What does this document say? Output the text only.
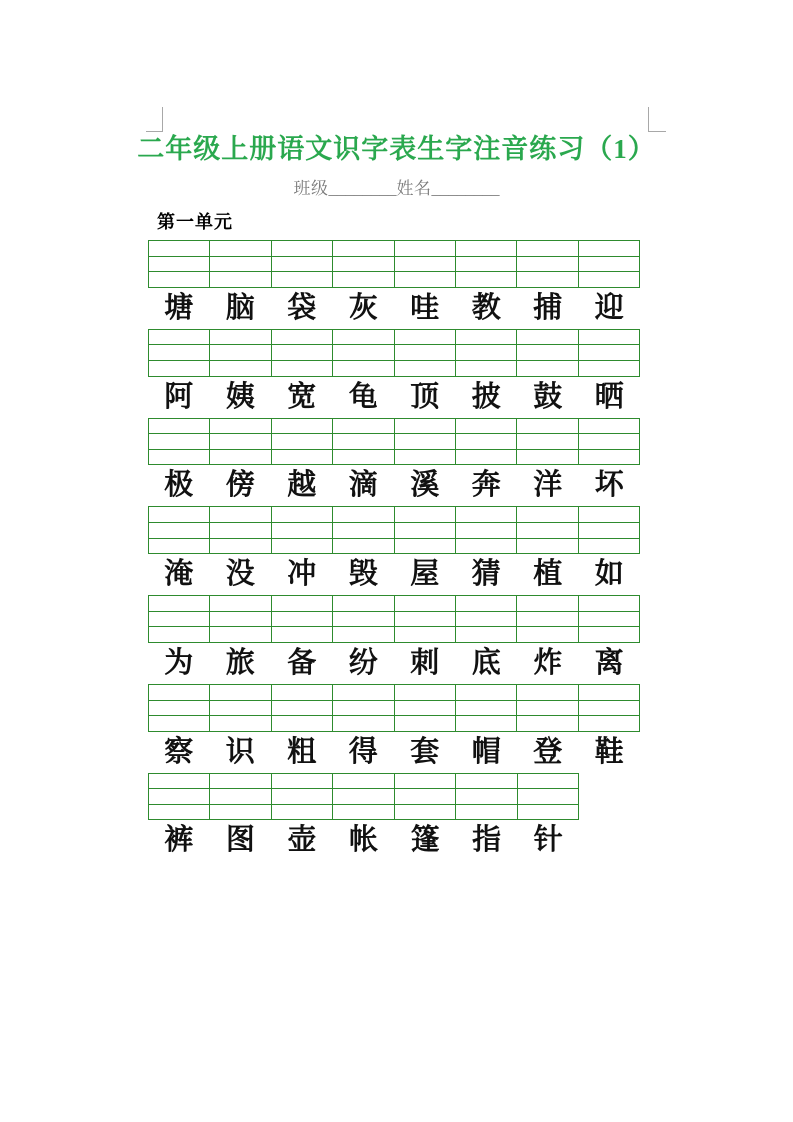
二年级上册语文识字表生字注音练习（1）
班级________姓名________
第一单元

塘	脑	袋	灰	哇	教	捕	迎

阿	姨	宽	龟	顶	披	鼓	晒

极	傍	越	滴	溪	奔	洋	坏

淹	没	冲	毁	屋	猜	植	如

为	旅	备	纷	刺	底	炸	离

察	识	粗	得	套	帽	登	鞋

裤	图	壶	帐	篷	指	针
